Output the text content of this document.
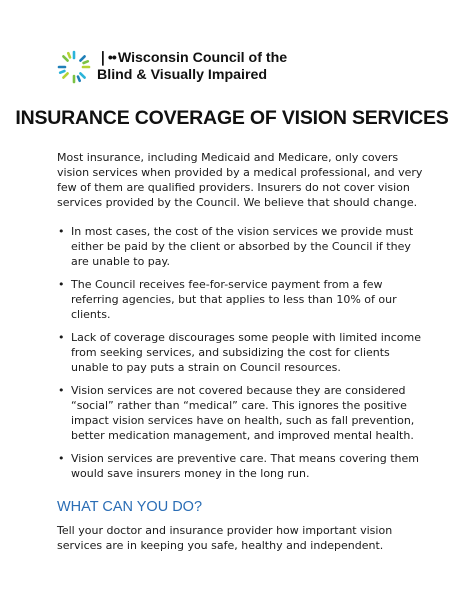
❘•• Wisconsin Council of the
Blind & Visually Impaired
INSURANCE COVERAGE OF VISION SERVICES

Most insurance, including Medicaid and Medicare, only covers vision services when provided by a medical professional, and very few of them are qualified providers. Insurers do not cover vision services provided by the Council. We believe that should change.

• In most cases, the cost of the vision services we provide must either be paid by the client or absorbed by the Council if they are unable to pay.
• The Council receives fee-for-service payment from a few referring agencies, but that applies to less than 10% of our clients.
• Lack of coverage discourages some people with limited income from seeking services, and subsidizing the cost for clients unable to pay puts a strain on Council resources.
• Vision services are not covered because they are considered “social” rather than “medical” care. This ignores the positive impact vision services have on health, such as fall prevention, better medication management, and improved mental health.
• Vision services are preventive care. That means covering them would save insurers money in the long run.
WHAT CAN YOU DO?

Tell your doctor and insurance provider how important vision services are in keeping you safe, healthy and independent.
